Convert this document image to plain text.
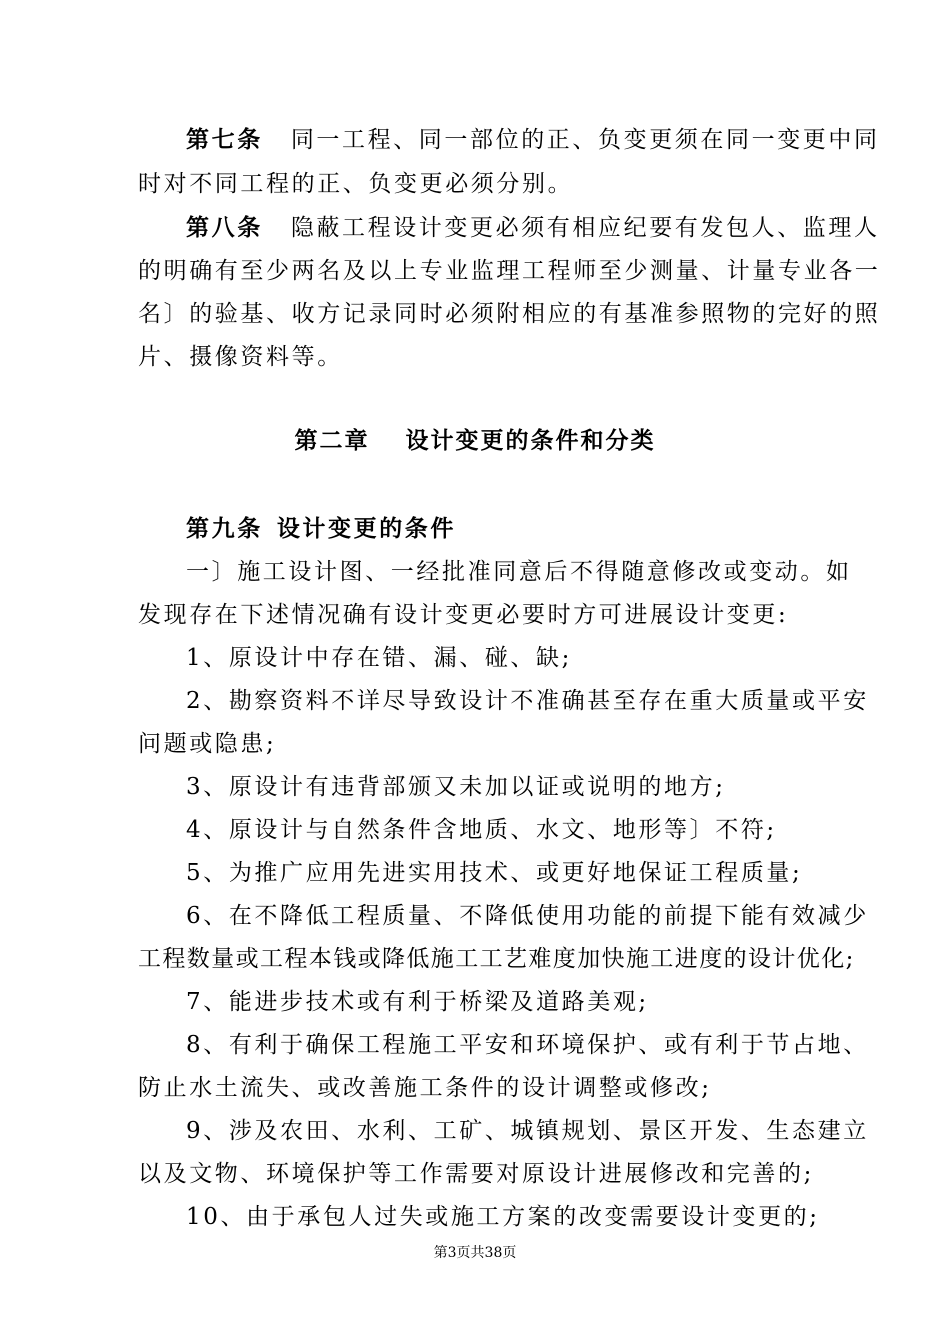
第七条 同一工程、同一部位的正、负变更须在同一变更中同
时对不同工程的正、负变更必须分别。
第八条 隐蔽工程设计变更必须有相应纪要有发包人、监理人
的明确有至少两名及以上专业监理工程师至少测量、计量专业各一
名〕的验基、收方记录同时必须附相应的有基准参照物的完好的照
片、摄像资料等。
第二章 设计变更的条件和分类
第九条 设计变更的条件
一〕施工设计图、一经批准同意后不得随意修改或变动。如
发现存在下述情况确有设计变更必要时方可进展设计变更:
1、原设计中存在错、漏、碰、缺;
2、勘察资料不详尽导致设计不准确甚至存在重大质量或平安
问题或隐患;
3、原设计有违背部颁又未加以证或说明的地方;
4、原设计与自然条件含地质、水文、地形等〕不符;
5、为推广应用先进实用技术、或更好地保证工程质量;
6、在不降低工程质量、不降低使用功能的前提下能有效减少
工程数量或工程本钱或降低施工工艺难度加快施工进度的设计优化;
7、能进步技术或有利于桥梁及道路美观;
8、有利于确保工程施工平安和环境保护、或有利于节占地、
防止水土流失、或改善施工条件的设计调整或修改;
9、涉及农田、水利、工矿、城镇规划、景区开发、生态建立
以及文物、环境保护等工作需要对原设计进展修改和完善的;
10、由于承包人过失或施工方案的改变需要设计变更的;
第3页共38页
